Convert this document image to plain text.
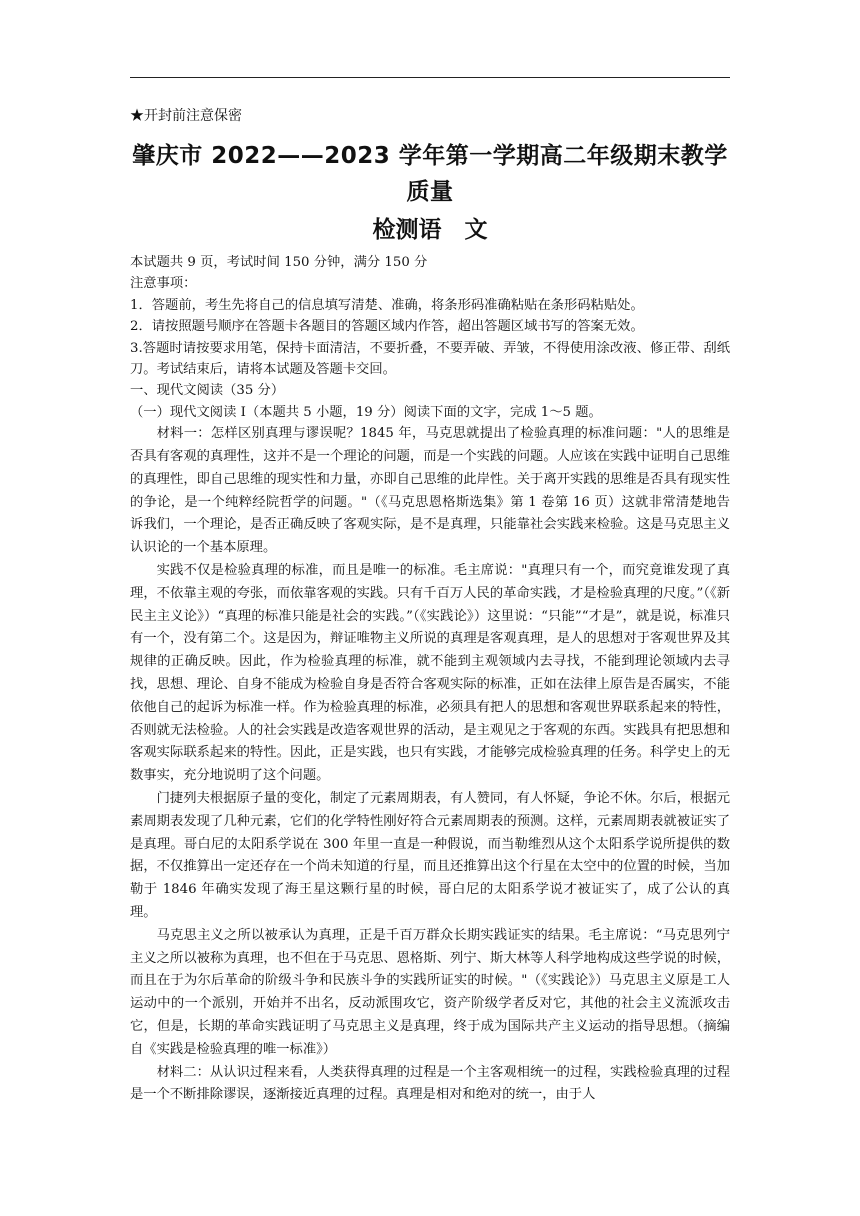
★开封前注意保密

肇庆市 2022——2023 学年第一学期高二年级期末教学质量
检测语　文

本试题共 9 页，考试时间 150 分钟，满分 150 分

注意事项：

1．答题前，考生先将自己的信息填写清楚、准确，将条形码准确粘贴在条形码粘贴处。

2．请按照题号顺序在答题卡各题目的答题区域内作答，超出答题区域书写的答案无效。

3.答题时请按要求用笔，保持卡面清洁，不要折叠，不要弄破、弄皱，不得使用涂改液、修正带、刮纸刀。考试结束后，请将本试题及答题卡交回。

一、现代文阅读（35 分）

（一）现代文阅读 I（本题共 5 小题，19 分）阅读下面的文字，完成 1～5 题。

材料一：怎样区别真理与谬误呢？1845 年，马克思就提出了检验真理的标准问题："人的思维是否具有客观的真理性，这并不是一个理论的问题，而是一个实践的问题。人应该在实践中证明自己思维的真理性，即自己思维的现实性和力量，亦即自己思维的此岸性。关于离开实践的思维是否具有现实性的争论，是一个纯粹经院哲学的问题。"（《马克思恩格斯选集》第 1 卷第 16 页）这就非常清楚地告诉我们，一个理论，是否正确反映了客观实际，是不是真理，只能靠社会实践来检验。这是马克思主义认识论的一个基本原理。

实践不仅是检验真理的标准，而且是唯一的标准。毛主席说："真理只有一个，而究竟谁发现了真理，不依靠主观的夸张，而依靠客观的实践。只有千百万人民的革命实践，才是检验真理的尺度。”（《新民主主义论》）“真理的标准只能是社会的实践。”（《实践论》）这里说：“只能”“才是”，就是说，标准只有一个，没有第二个。这是因为，辩证唯物主义所说的真理是客观真理，是人的思想对于客观世界及其规律的正确反映。因此，作为检验真理的标准，就不能到主观领域内去寻找，不能到理论领域内去寻找，思想、理论、自身不能成为检验自身是否符合客观实际的标准，正如在法律上原告是否属实，不能依他自己的起诉为标准一样。作为检验真理的标准，必须具有把人的思想和客观世界联系起来的特性，否则就无法检验。人的社会实践是改造客观世界的活动，是主观见之于客观的东西。实践具有把思想和客观实际联系起来的特性。因此，正是实践，也只有实践，才能够完成检验真理的任务。科学史上的无数事实，充分地说明了这个问题。

门捷列夫根据原子量的变化，制定了元素周期表，有人赞同，有人怀疑，争论不休。尔后，根据元素周期表发现了几种元素，它们的化学特性刚好符合元素周期表的预测。这样，元素周期表就被证实了是真理。哥白尼的太阳系学说在 300 年里一直是一种假说，而当勒维烈从这个太阳系学说所提供的数据，不仅推算出一定还存在一个尚未知道的行星，而且还推算出这个行星在太空中的位置的时候，当加勒于 1846 年确实发现了海王星这颗行星的时候，哥白尼的太阳系学说才被证实了，成了公认的真理。

马克思主义之所以被承认为真理，正是千百万群众长期实践证实的结果。毛主席说：“马克思列宁主义之所以被称为真理，也不但在于马克思、恩格斯、列宁、斯大林等人科学地构成这些学说的时候，而且在于为尔后革命的阶级斗争和民族斗争的实践所证实的时候。"（《实践论》）马克思主义原是工人运动中的一个派别，开始并不出名，反动派围攻它，资产阶级学者反对它，其他的社会主义流派攻击它，但是，长期的革命实践证明了马克思主义是真理，终于成为国际共产主义运动的指导思想。（摘编自《实践是检验真理的唯一标准》）

材料二：从认识过程来看，人类获得真理的过程是一个主客观相统一的过程，实践检验真理的过程是一个不断排除谬误，逐渐接近真理的过程。真理是相对和绝对的统一，由于人
